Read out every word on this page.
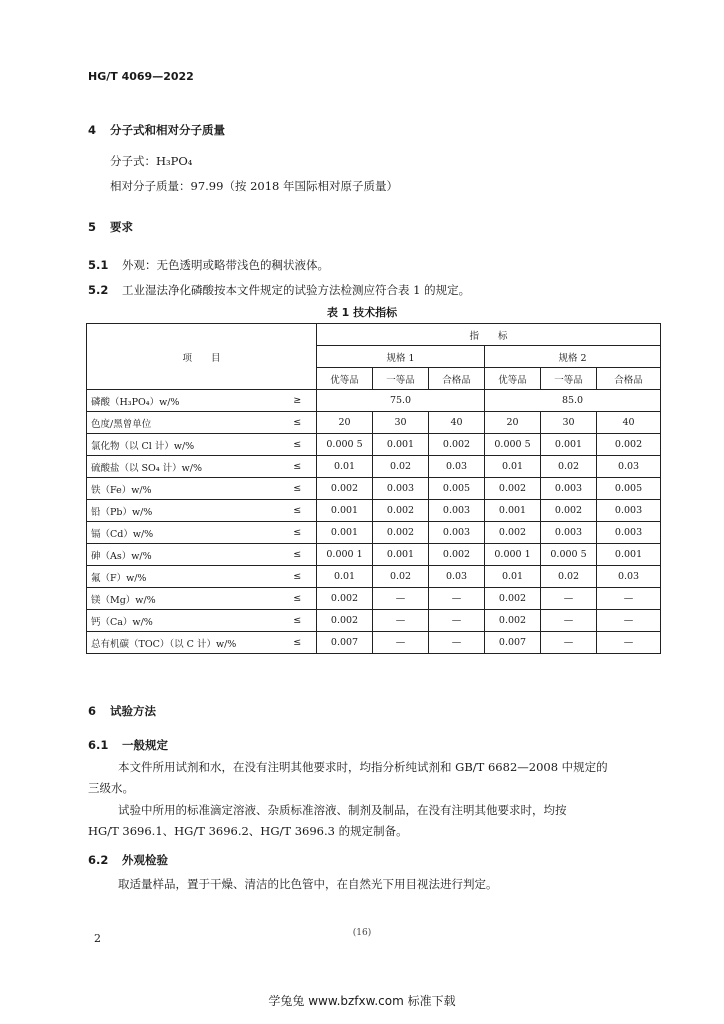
HG/T 4069—2022
4 分子式和相对分子质量
分子式：H₃PO₄
相对分子质量：97.99（按 2018 年国际相对原子质量）
5 要求
5.1 外观：无色透明或略带浅色的稠状液体。
5.2 工业湿法净化磷酸按本文件规定的试验方法检测应符合表 1 的规定。
表 1 技术指标
项　　目		指　　标					
		规格 1			规格 2		
		优等品	一等品	合格品	优等品	一等品	合格品
磷酸（H₃PO₄）w/%	≥	75.0			85.0		
色度/黑曾单位	≤	20	30	40	20	30	40
氯化物（以 Cl 计）w/%	≤	0.000 5	0.001	0.002	0.000 5	0.001	0.002
硫酸盐（以 SO₄ 计）w/%	≤	0.01	0.02	0.03	0.01	0.02	0.03
铁（Fe）w/%	≤	0.002	0.003	0.005	0.002	0.003	0.005
铅（Pb）w/%	≤	0.001	0.002	0.003	0.001	0.002	0.003
镉（Cd）w/%	≤	0.001	0.002	0.003	0.002	0.003	0.003
砷（As）w/%	≤	0.000 1	0.001	0.002	0.000 1	0.000 5	0.001
氟（F）w/%	≤	0.01	0.02	0.03	0.01	0.02	0.03
镁（Mg）w/%	≤	0.002	—	—	0.002	—	—
钙（Ca）w/%	≤	0.002	—	—	0.002	—	—
总有机碳（TOC）（以 C 计）w/%	≤	0.007	—	—	0.007	—	—
6 试验方法
6.1 一般规定
本文件所用试剂和水，在没有注明其他要求时，均指分析纯试剂和 GB/T 6682—2008 中规定的
三级水。
试验中所用的标准滴定溶液、杂质标准溶液、制剂及制品，在没有注明其他要求时，均按
HG/T 3696.1、HG/T 3696.2、HG/T 3696.3 的规定制备。
6.2 外观检验
取适量样品，置于干燥、清洁的比色管中，在自然光下用目视法进行判定。
2	(16)
学兔兔 www.bzfxw.com 标准下载
